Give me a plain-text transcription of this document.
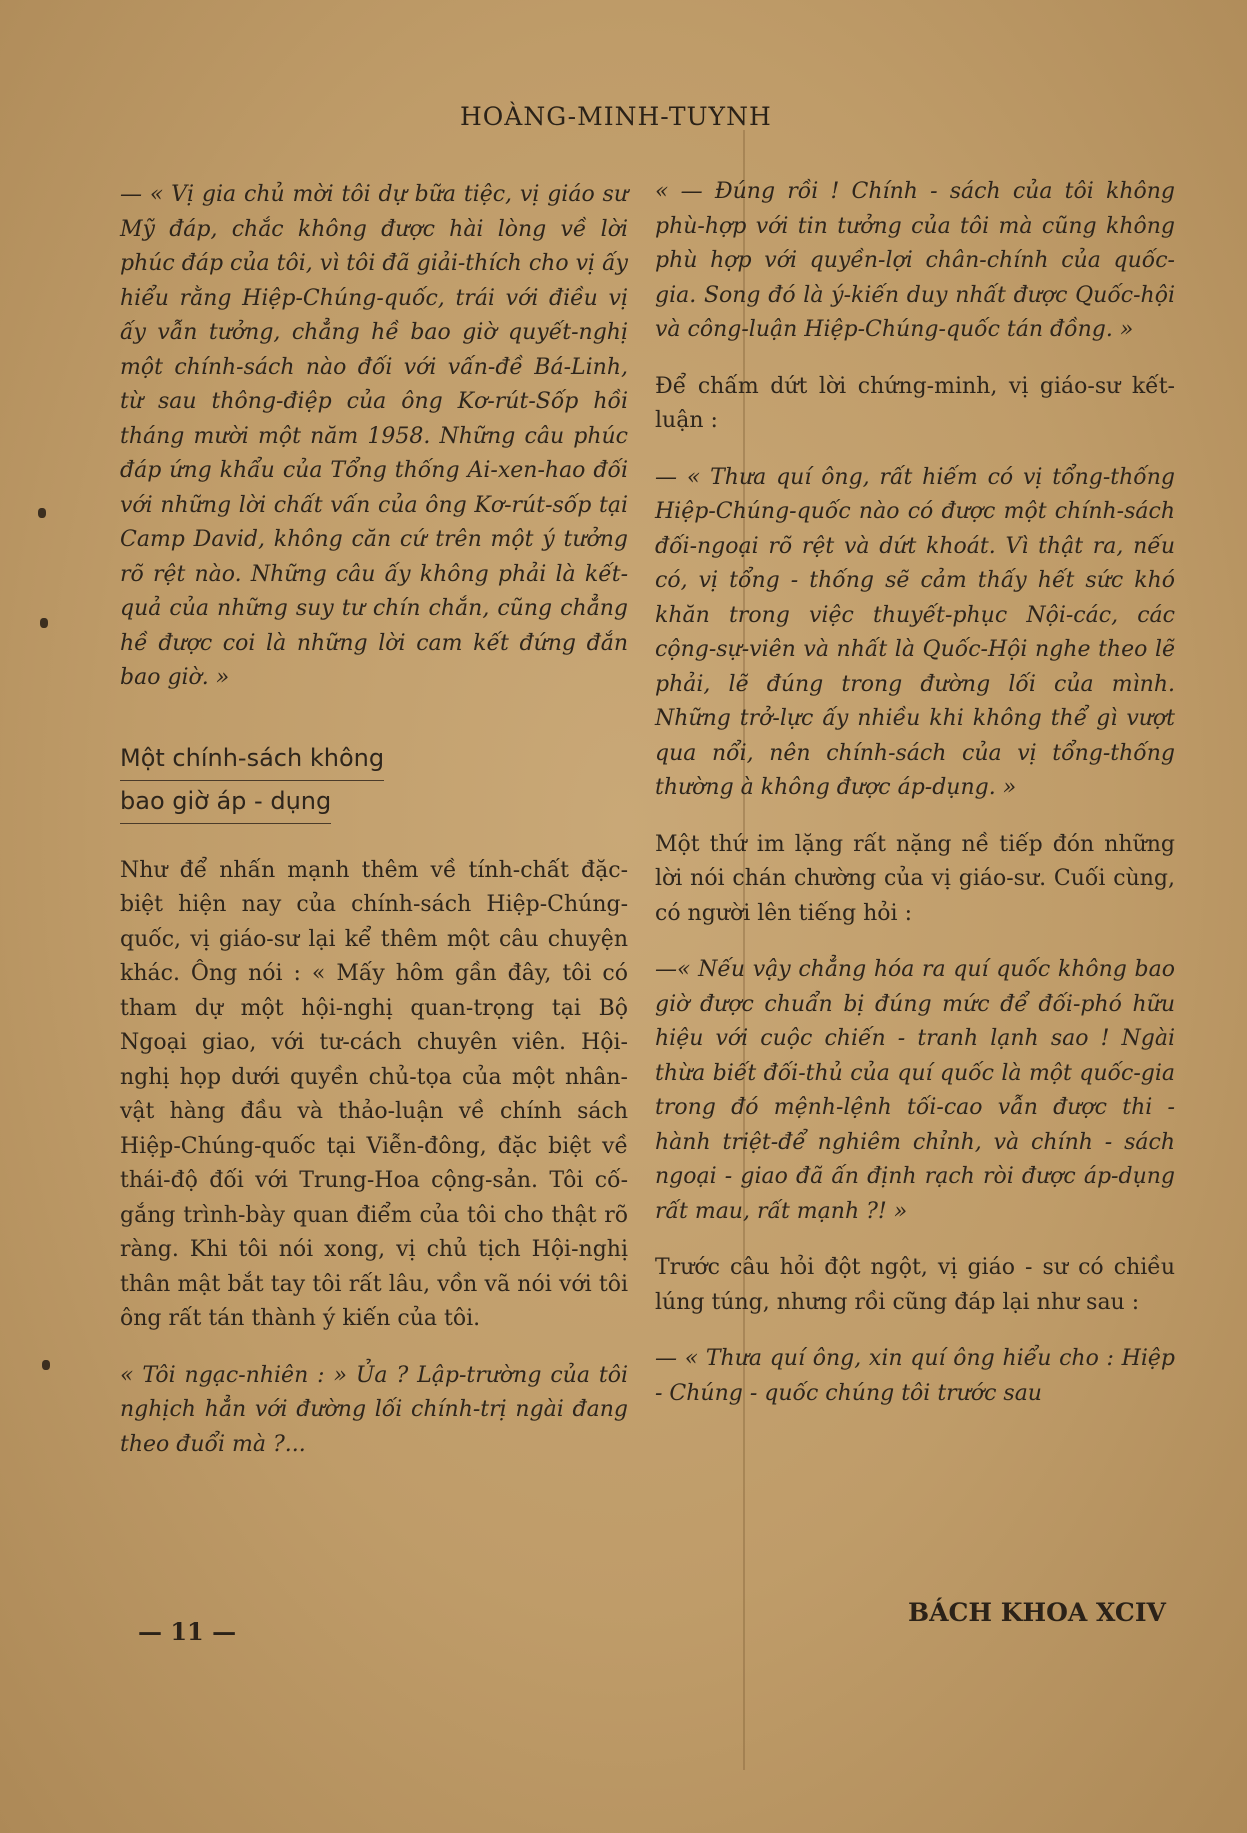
HOÀNG-MINH-TUYNH

— « Vị gia chủ mời tôi dự bữa tiệc, vị giáo sư Mỹ đáp, chắc không được hài lòng về lời phúc đáp của tôi, vì tôi đã giải-thích cho vị ấy hiểu rằng Hiệp-Chúng-quốc, trái với điều vị ấy vẫn tưởng, chẳng hề bao giờ quyết-nghị một chính-sách nào đối với vấn-đề Bá-Linh, từ sau thông-điệp của ông Kơ-rút-Sốp hồi tháng mười một năm 1958. Những câu phúc đáp ứng khẩu của Tổng thống Ai-xen-hao đối với những lời chất vấn của ông Kơ-rút-sốp tại Camp David, không căn cứ trên một ý tưởng rõ rệt nào. Những câu ấy không phải là kết-quả của những suy tư chín chắn, cũng chẳng hề được coi là những lời cam kết đứng đắn bao giờ. »

Một chính-sách không
bao giờ áp - dụng

Như để nhấn mạnh thêm về tính-chất đặc-biệt hiện nay của chính-sách Hiệp-Chúng-quốc, vị giáo-sư lại kể thêm một câu chuyện khác. Ông nói : « Mấy hôm gần đây, tôi có tham dự một hội-nghị quan-trọng tại Bộ Ngoại giao, với tư-cách chuyên viên. Hội-nghị họp dưới quyền chủ-tọa của một nhân-vật hàng đầu và thảo-luận về chính sách Hiệp-Chúng-quốc tại Viễn-đông, đặc biệt về thái-độ đối với Trung-Hoa cộng-sản. Tôi cố-gắng trình-bày quan điểm của tôi cho thật rõ ràng. Khi tôi nói xong, vị chủ tịch Hội-nghị thân mật bắt tay tôi rất lâu, vồn vã nói với tôi ông rất tán thành ý kiến của tôi.

« Tôi ngạc-nhiên : » Ủa ? Lập-trường của tôi nghịch hẳn với đường lối chính-trị ngài đang theo đuổi mà ?...

« — Đúng rồi ! Chính - sách của tôi không phù-hợp với tin tưởng của tôi mà cũng không phù hợp với quyền-lợi chân-chính của quốc-gia. Song đó là ý-kiến duy nhất được Quốc-hội và công-luận Hiệp-Chúng-quốc tán đồng. »

Để chấm dứt lời chứng-minh, vị giáo-sư kết-luận :

— « Thưa quí ông, rất hiếm có vị tổng-thống Hiệp-Chúng-quốc nào có được một chính-sách đối-ngoại rõ rệt và dứt khoát. Vì thật ra, nếu có, vị tổng - thống sẽ cảm thấy hết sức khó khăn trong việc thuyết-phục Nội-các, các cộng-sự-viên và nhất là Quốc-Hội nghe theo lẽ phải, lẽ đúng trong đường lối của mình. Những trở-lực ấy nhiều khi không thể gì vượt qua nổi, nên chính-sách của vị tổng-thống thường à không được áp-dụng. »

Một thứ im lặng rất nặng nề tiếp đón những lời nói chán chường của vị giáo-sư. Cuối cùng, có người lên tiếng hỏi :

—« Nếu vậy chẳng hóa ra quí quốc không bao giờ được chuẩn bị đúng mức để đối-phó hữu hiệu với cuộc chiến - tranh lạnh sao ! Ngài thừa biết đối-thủ của quí quốc là một quốc-gia trong đó mệnh-lệnh tối-cao vẫn được thi - hành triệt-để nghiêm chỉnh, và chính - sách ngoại - giao đã ấn định rạch ròi được áp-dụng rất mau, rất mạnh ?! »

Trước câu hỏi đột ngột, vị giáo - sư có chiều lúng túng, nhưng rồi cũng đáp lại như sau :

— « Thưa quí ông, xin quí ông hiểu cho : Hiệp - Chúng - quốc chúng tôi trước sau

— 11 —
BÁCH KHOA XCIV
